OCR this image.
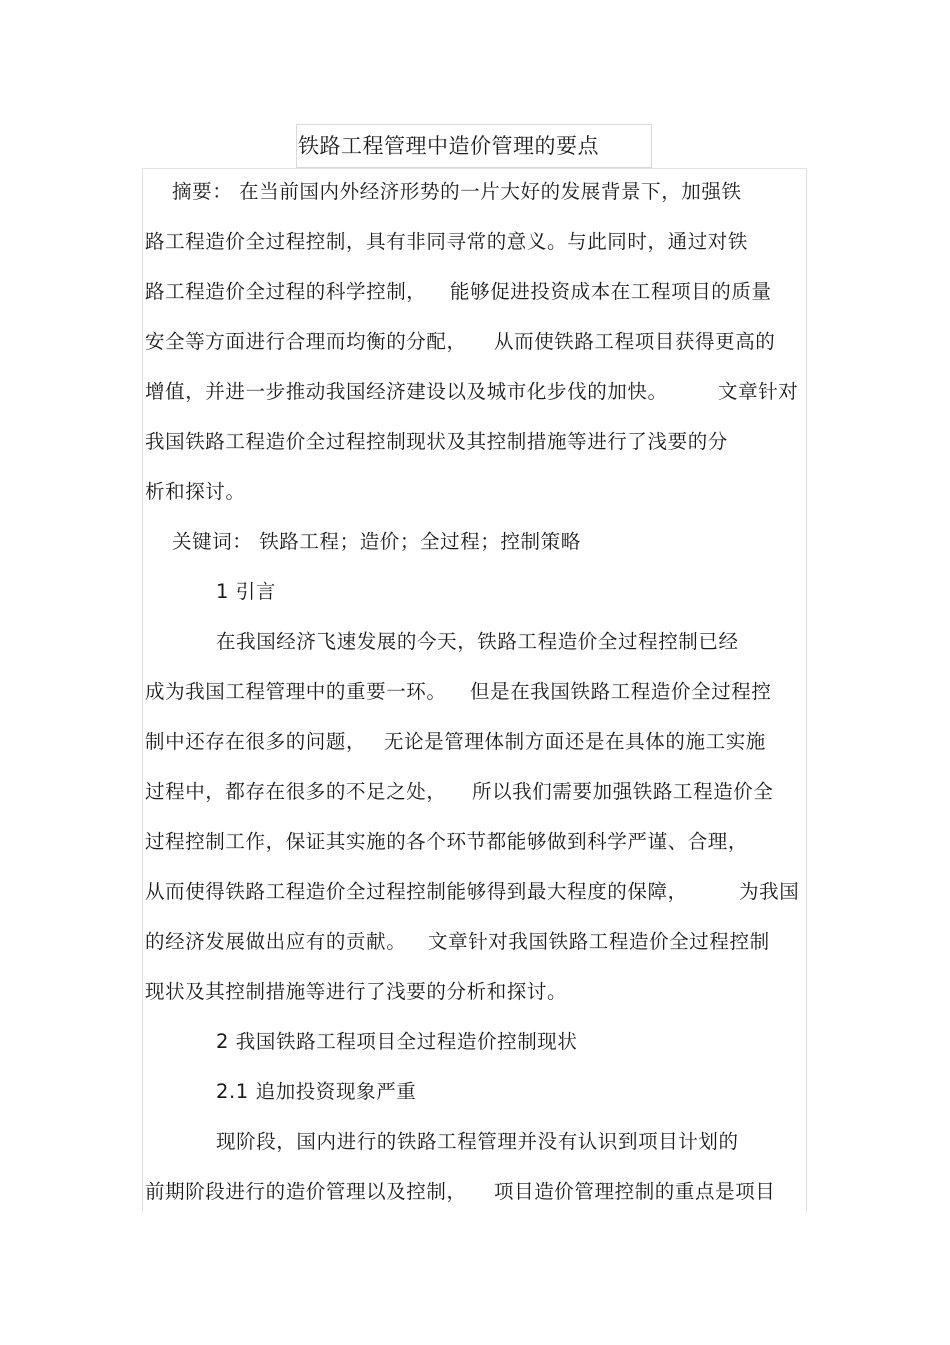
铁路工程管理中造价管理的要点
摘要： 在当前国内外经济形势的一片大好的发展背景下，加强铁
路工程造价全过程控制，具有非同寻常的意义。与此同时，通过对铁
路工程造价全过程的科学控制， 能够促进投资成本在工程项目的质量
安全等方面进行合理而均衡的分配， 从而使铁路工程项目获得更高的
增值，并进一步推动我国经济建设以及城市化步伐的加快。	文章针对
我国铁路工程造价全过程控制现状及其控制措施等进行了浅要的分
析和探讨。
关键词： 铁路工程；造价；全过程；控制策略
1 引言
在我国经济飞速发展的今天，铁路工程造价全过程控制已经
成为我国工程管理中的重要一环。 但是在我国铁路工程造价全过程控
制中还存在很多的问题， 无论是管理体制方面还是在具体的施工实施
过程中，都存在很多的不足之处， 所以我们需要加强铁路工程造价全
过程控制工作，保证其实施的各个环节都能够做到科学严谨、合理，
从而使得铁路工程造价全过程控制能够得到最大程度的保障，	为我国
的经济发展做出应有的贡献。 文章针对我国铁路工程造价全过程控制
现状及其控制措施等进行了浅要的分析和探讨。
2 我国铁路工程项目全过程造价控制现状
2.1 追加投资现象严重
现阶段，国内进行的铁路工程管理并没有认识到项目计划的
前期阶段进行的造价管理以及控制， 项目造价管理控制的重点是项目
